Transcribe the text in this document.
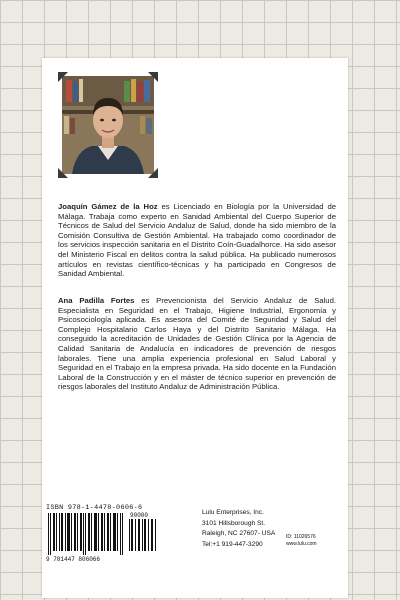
Joaquín Gámez de la Hoz es Licenciado en Biología por la Universidad de Málaga. Trabaja como experto en Sanidad Ambiental del Cuerpo Superior de Técnicos de Salud del Servicio Andaluz de Salud, donde ha sido miembro de la Comisión Consultiva de Gestión Ambiental. Ha trabajado como coordinador de los servicios inspección sanitaria en el Distrito Coín-Guadalhorce. Ha sido asesor del Ministerio Fiscal en delitos contra la salud pública. Ha publicado numerosos artículos en revistas científico-técnicas y ha participado en Congresos de Sanidad Ambiental.

Ana Padilla Fortes es Prevencionista del Servicio Andaluz de Salud. Especialista en Seguridad en el Trabajo, Higiene Industrial, Ergonomía y Psicosociología aplicada. Es asesora del Comité de Seguridad y Salud del Complejo Hospitalario Carlos Haya y del Distrito Sanitario Málaga. Ha conseguido la acreditación de Unidades de Gestión Clínica por la Agencia de Calidad Sanitaria de Andalucía en indicadores de prevención de riesgos laborales. Tiene una amplia experiencia profesional en Salud Laboral y Seguridad en el Trabajo en la empresa privada. Ha sido docente en la Fundación Laboral de la Construcción y en el máster de técnico superior en prevención de riesgos laborales del Instituto Andaluz de Administración Pública.

ISBN 978-1-4478-0606-6
9 781447 806066
90000	Lulu Enterprises, Inc.
3101 Hillsborough St.
Raleigh, NC 27607- USA
Tel:+1 919-447-3290
ID: 11026576
www.lulu.com
